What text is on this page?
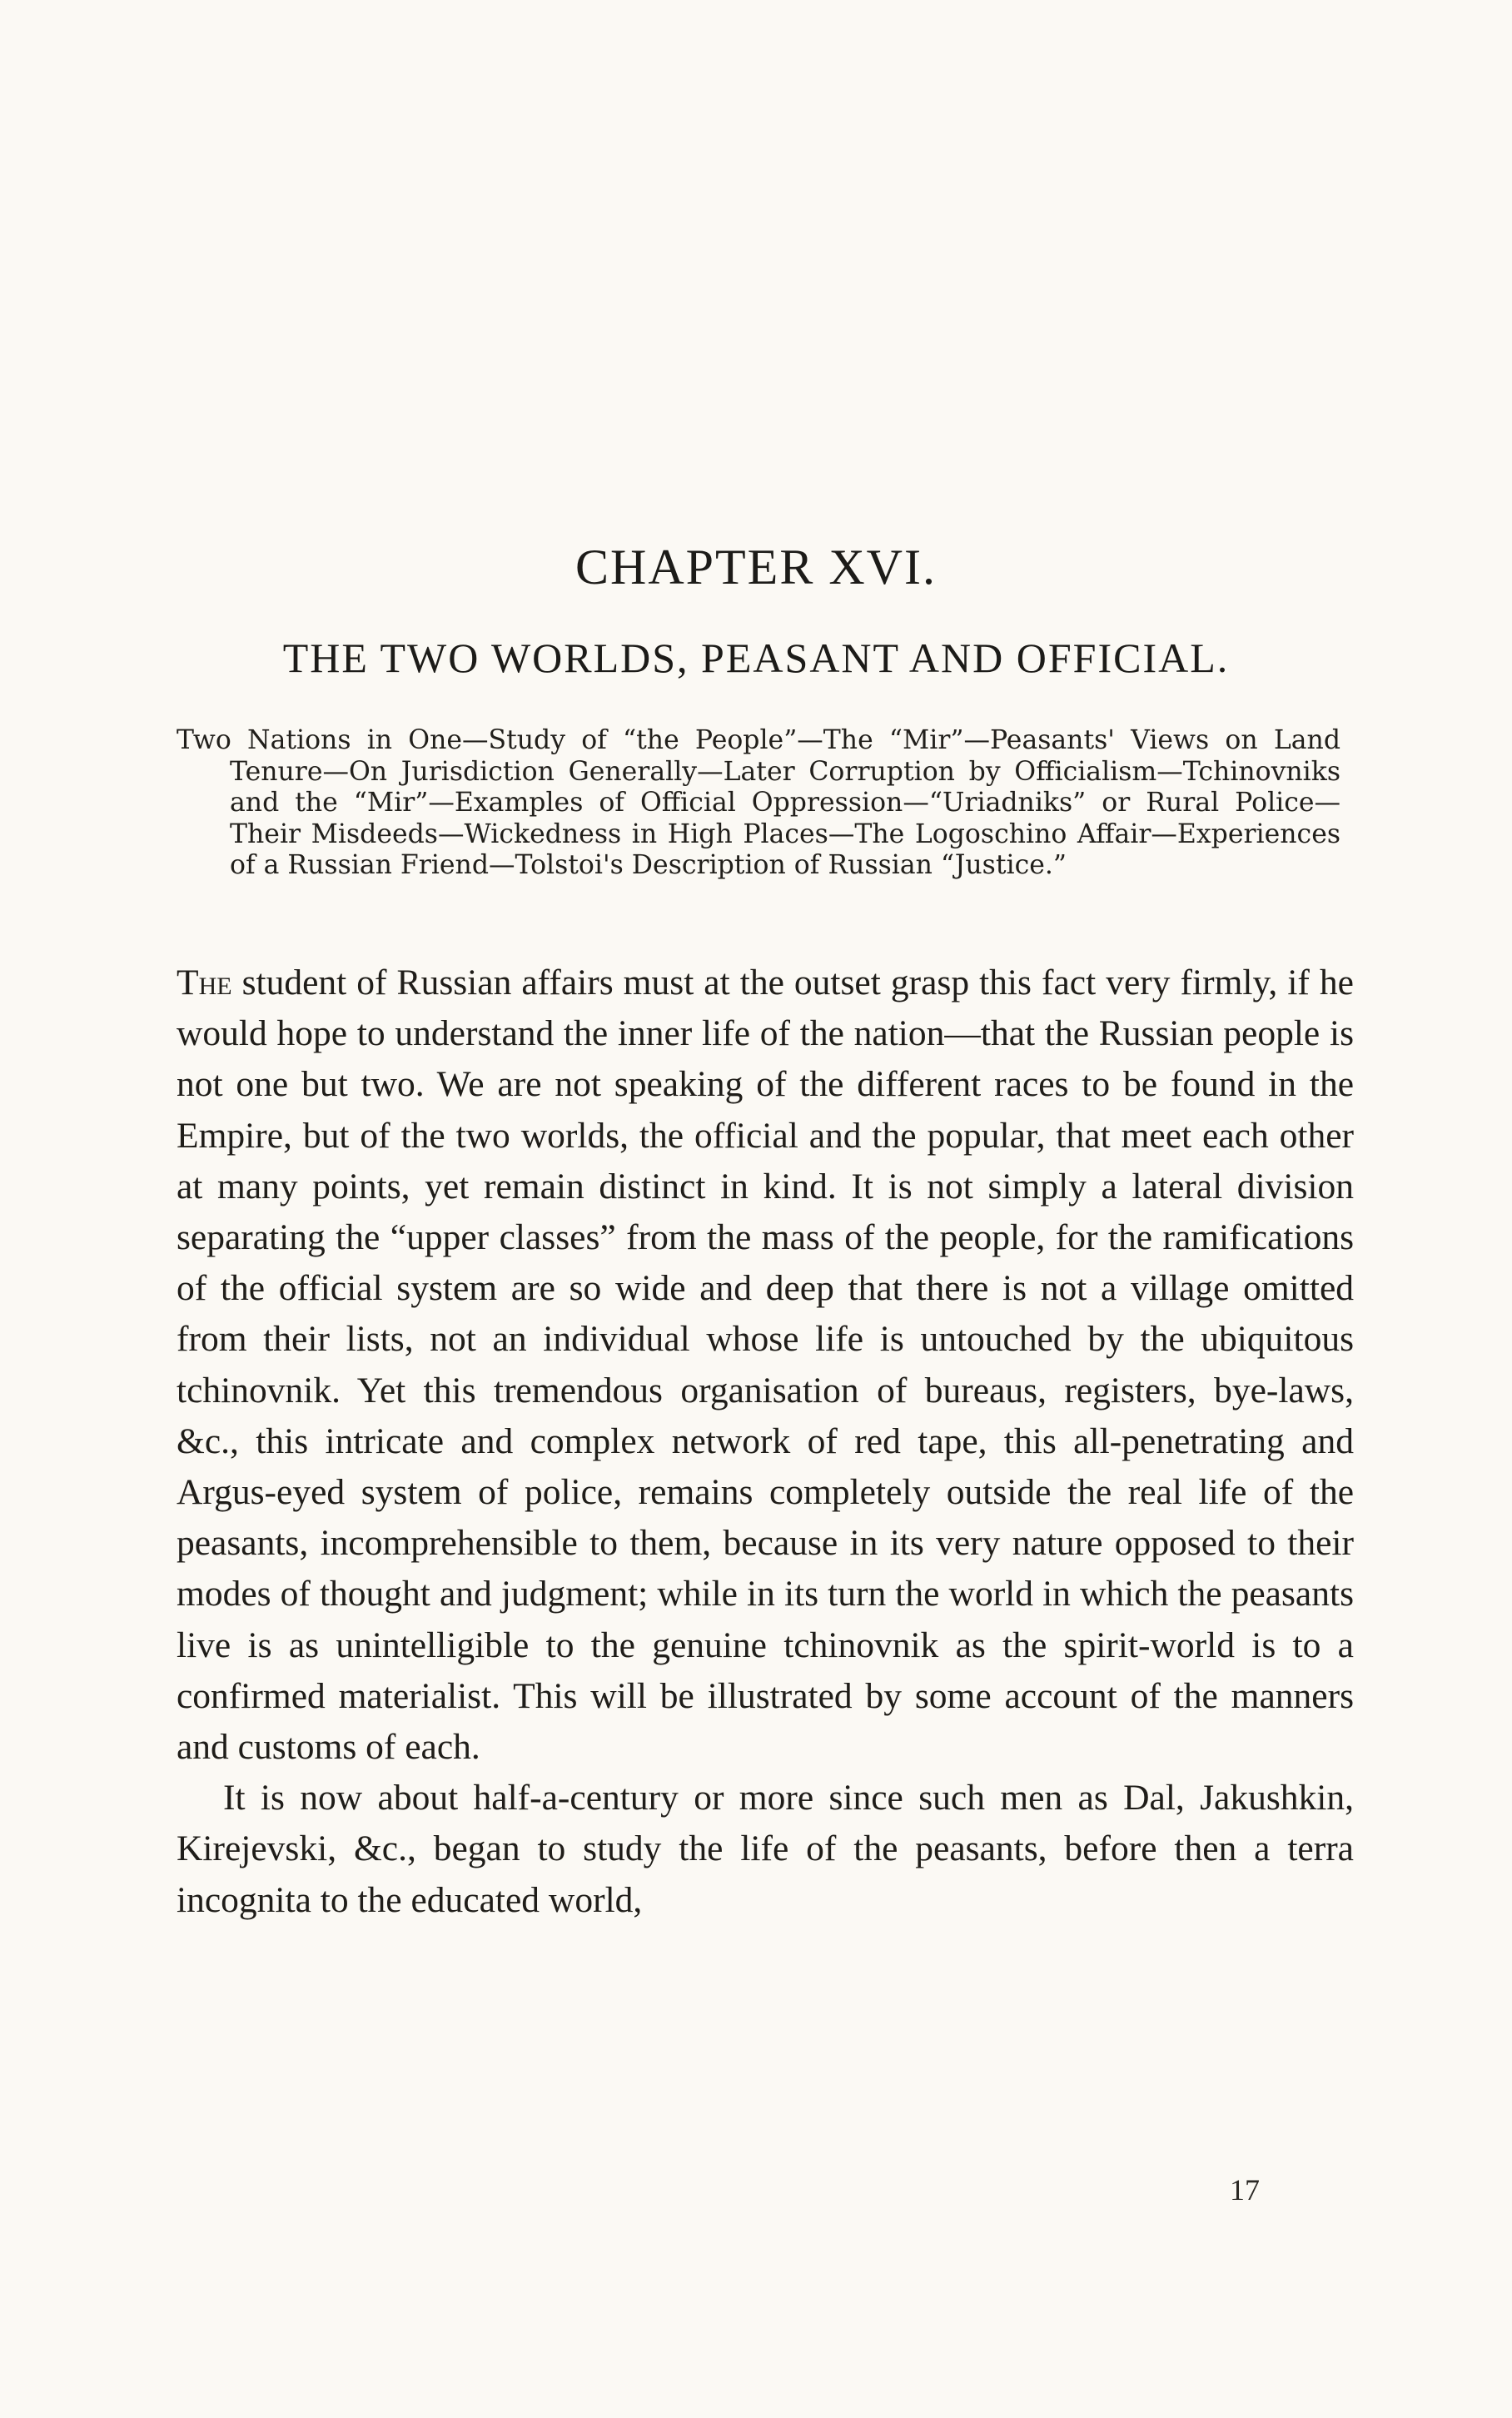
CHAPTER XVI.
THE TWO WORLDS, PEASANT AND OFFICIAL.

Two Nations in One—Study of “the People”—The “Mir”—Peasants' Views on Land Tenure—On Jurisdiction Generally—Later Corruption by Officialism—Tchinovniks and the “Mir”—Examples of Official Oppression—“Uriadniks” or Rural Police—Their Misdeeds—Wickedness in High Places—The Logoschino Affair—Experiences of a Russian Friend—Tolstoi's Description of Russian “Justice.”

The student of Russian affairs must at the outset grasp this fact very firmly, if he would hope to understand the inner life of the nation—that the Russian people is not one but two. We are not speaking of the different races to be found in the Empire, but of the two worlds, the official and the popular, that meet each other at many points, yet remain distinct in kind. It is not simply a lateral division separating the “upper classes” from the mass of the people, for the ramifications of the official system are so wide and deep that there is not a village omitted from their lists, not an individual whose life is untouched by the ubiquitous tchinovnik. Yet this tremendous organisation of bureaus, registers, bye-laws, &c., this intricate and complex network of red tape, this all-penetrating and Argus-eyed system of police, remains completely outside the real life of the peasants, incomprehensible to them, because in its very nature opposed to their modes of thought and judgment; while in its turn the world in which the peasants live is as unintelligible to the genuine tchinovnik as the spirit-world is to a confirmed materialist. This will be illustrated by some account of the manners and customs of each.

It is now about half-a-century or more since such men as Dal, Jakushkin, Kirejevski, &c., began to study the life of the peasants, before then a terra incognita to the educated world,

17
